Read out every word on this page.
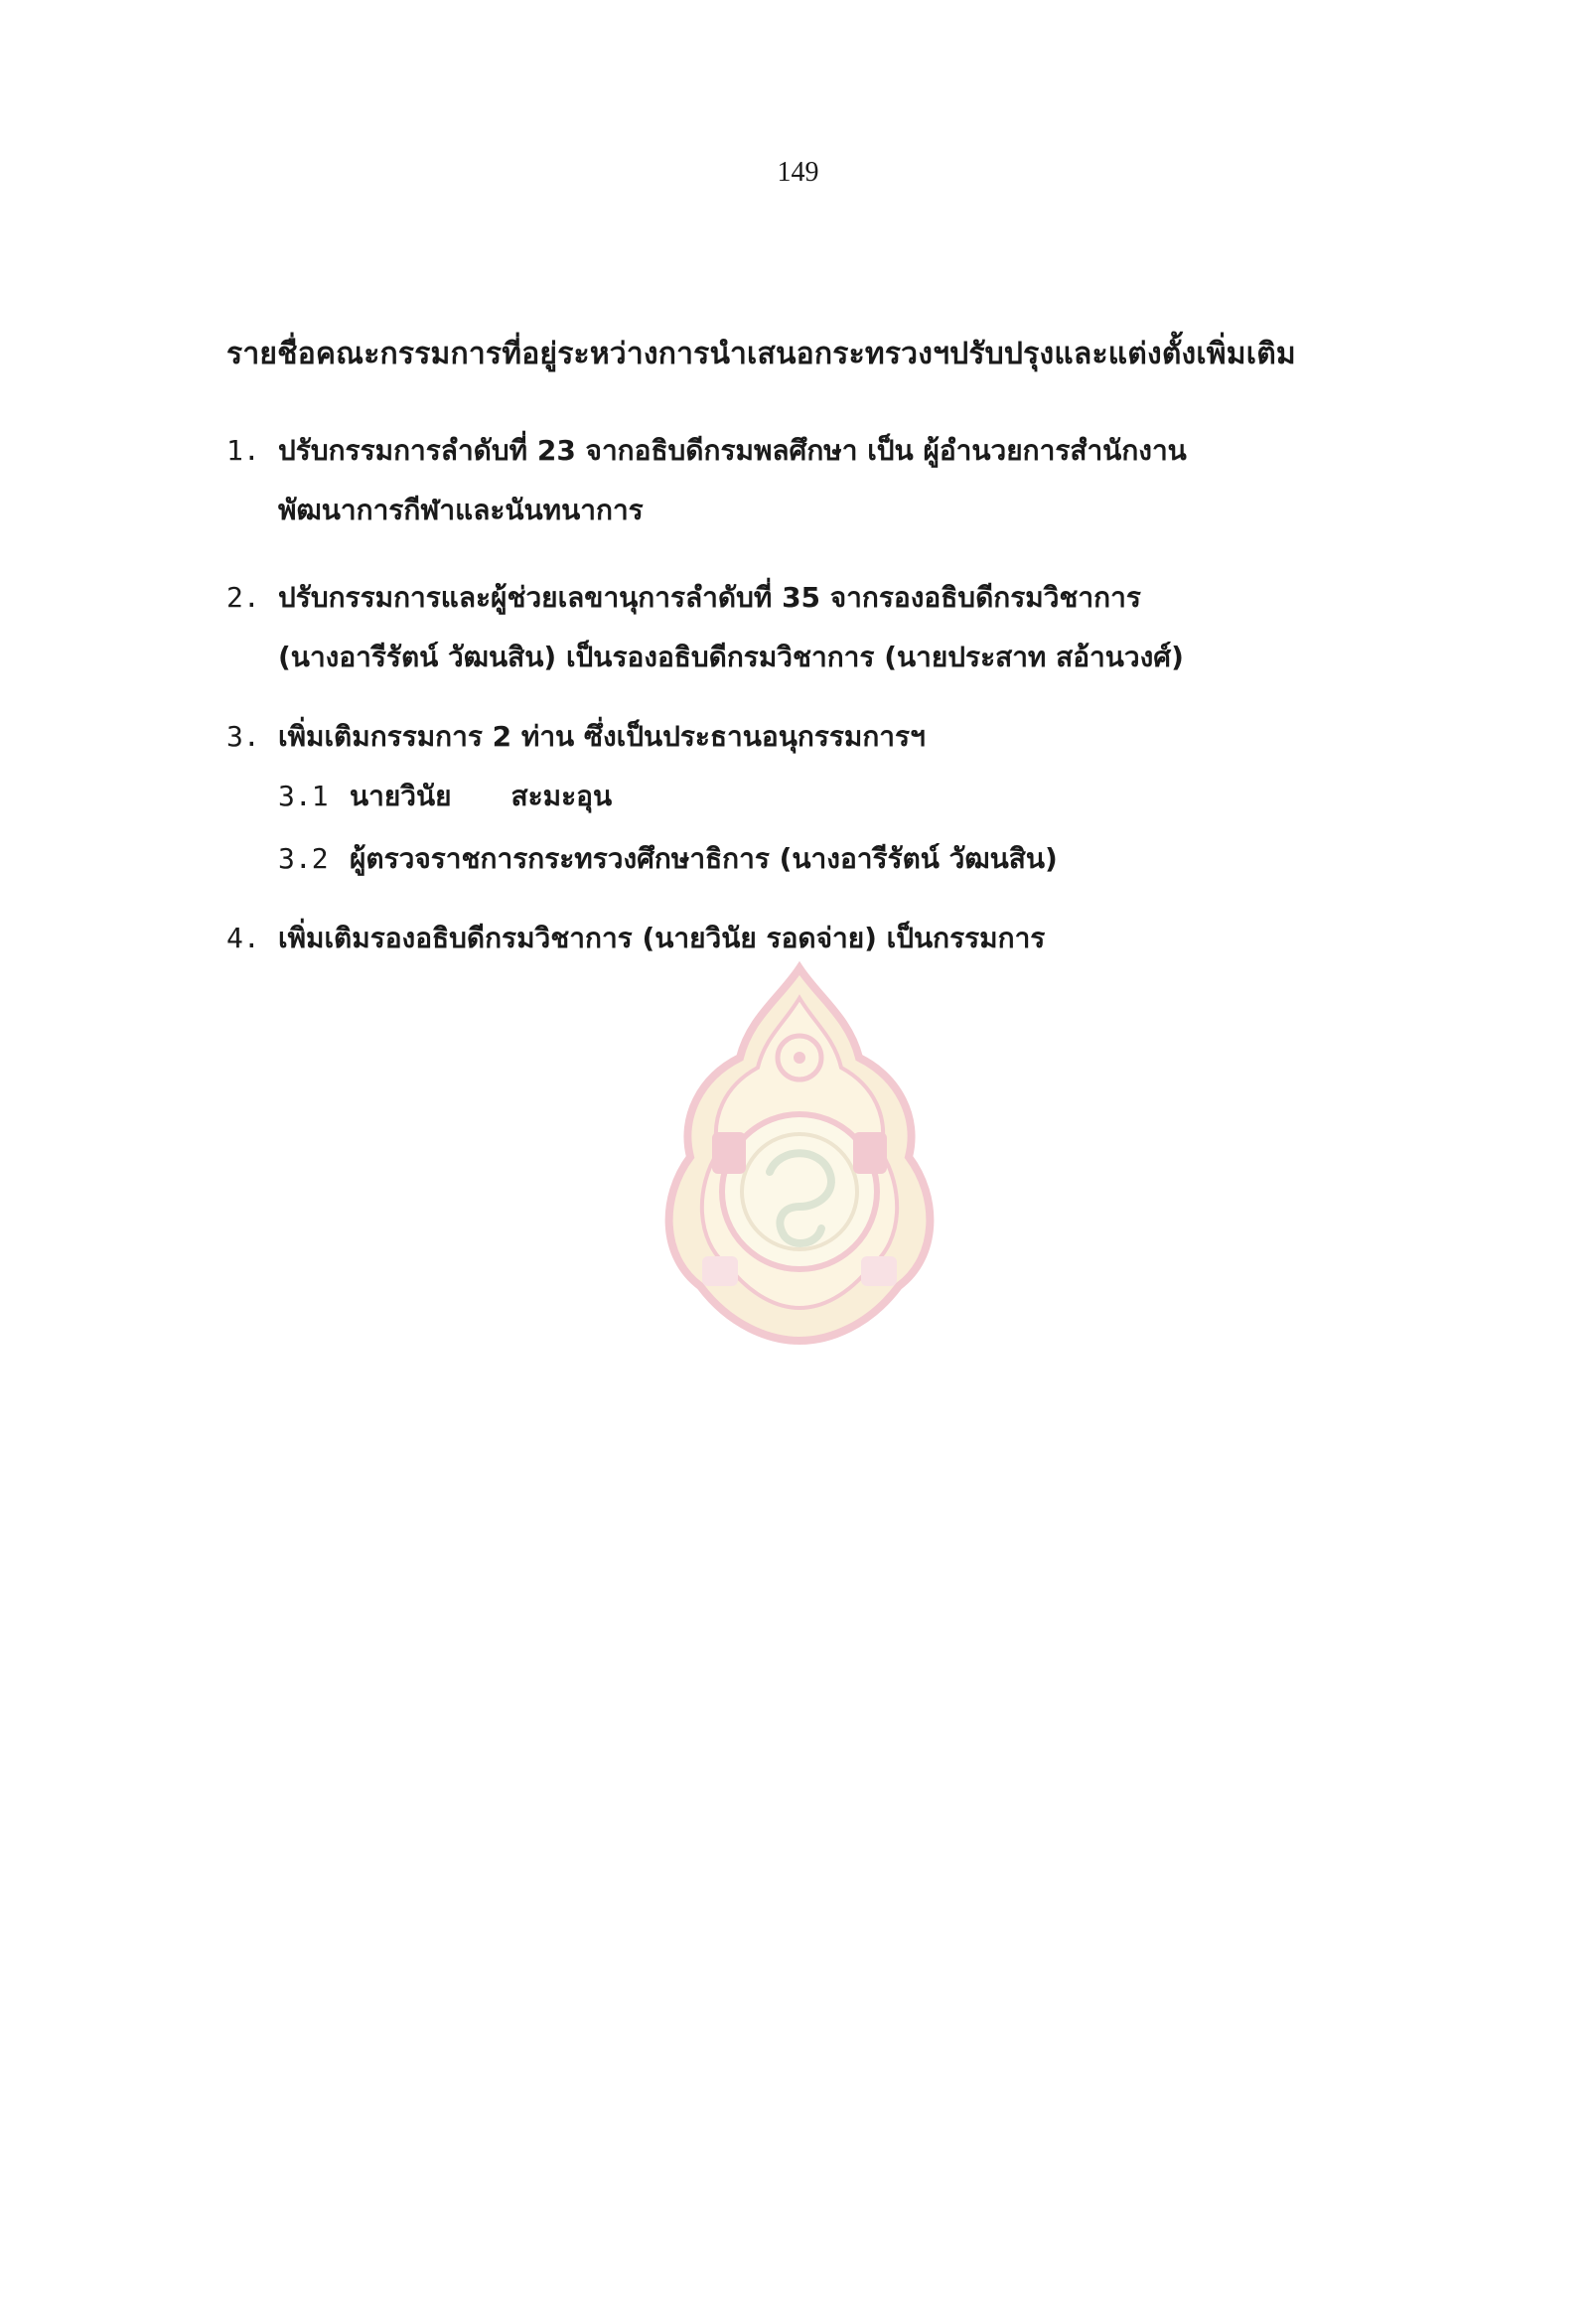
149
รายชื่อคณะกรรมการที่อยู่ระหว่างการนำเสนอกระทรวงฯปรับปรุงและแต่งตั้งเพิ่มเติม
1. ปรับกรรมการลำดับที่ 23 จากอธิบดีกรมพลศึกษา เป็น ผู้อำนวยการสำนักงาน
พัฒนาการกีฬาและนันทนาการ
2. ปรับกรรมการและผู้ช่วยเลขานุการลำดับที่ 35 จากรองอธิบดีกรมวิชาการ
(นางอารีรัตน์ วัฒนสิน) เป็นรองอธิบดีกรมวิชาการ (นายประสาท สอ้านวงศ์)
3. เพิ่มเติมกรรมการ 2 ท่าน ซึ่งเป็นประธานอนุกรรมการฯ
3.1 นายวินัย สะมะอุน
3.2 ผู้ตรวจราชการกระทรวงศึกษาธิการ (นางอารีรัตน์ วัฒนสิน)
4. เพิ่มเติมรองอธิบดีกรมวิชาการ (นายวินัย รอดจ่าย) เป็นกรรมการ
